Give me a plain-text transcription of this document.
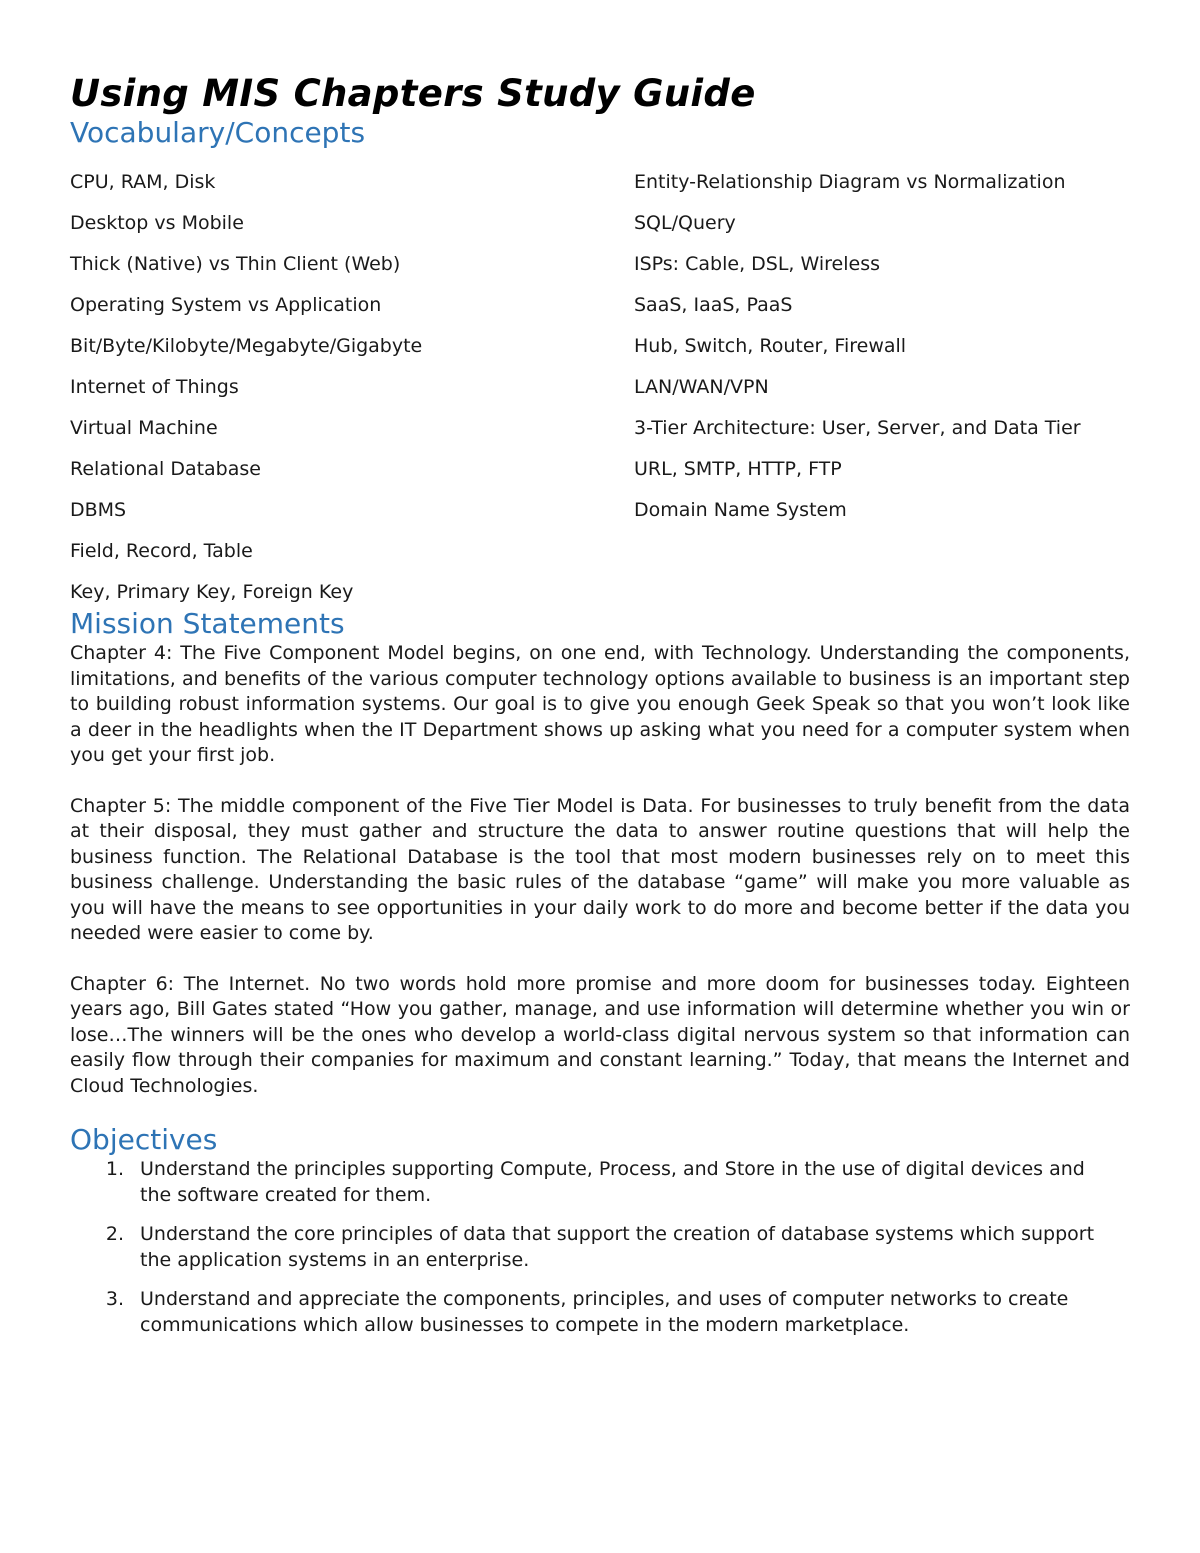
Using MIS Chapters Study Guide
Vocabulary/Concepts
CPU, RAM, Disk
Desktop vs Mobile
Thick (Native) vs Thin Client (Web)
Operating System vs Application
Bit/Byte/Kilobyte/Megabyte/Gigabyte
Internet of Things
Virtual Machine
Relational Database
DBMS
Field, Record, Table
Key, Primary Key, Foreign Key
Entity-Relationship Diagram vs Normalization
SQL/Query
ISPs: Cable, DSL, Wireless
SaaS, IaaS, PaaS
Hub, Switch, Router, Firewall
LAN/WAN/VPN
3-Tier Architecture: User, Server, and Data Tier
URL, SMTP, HTTP, FTP
Domain Name System
Mission Statements

Chapter 4: The Five Component Model begins, on one end, with Technology. Understanding the components, limitations, and benefits of the various computer technology options available to business is an important step to building robust information systems. Our goal is to give you enough Geek Speak so that you won’t look like a deer in the headlights when the IT Department shows up asking what you need for a computer system when you get your first job.

Chapter 5: The middle component of the Five Tier Model is Data. For businesses to truly benefit from the data at their disposal, they must gather and structure the data to answer routine questions that will help the business function. The Relational Database is the tool that most modern businesses rely on to meet this business challenge. Understanding the basic rules of the database “game” will make you more valuable as you will have the means to see opportunities in your daily work to do more and become better if the data you needed were easier to come by.

Chapter 6: The Internet. No two words hold more promise and more doom for businesses today. Eighteen years ago, Bill Gates stated “How you gather, manage, and use information will determine whether you win or lose…The winners will be the ones who develop a world-class digital nervous system so that information can easily flow through their companies for maximum and constant learning.” Today, that means the Internet and Cloud Technologies.

Objectives
1. Understand the principles supporting Compute, Process, and Store in the use of digital devices and the software created for them.
2. Understand the core principles of data that support the creation of database systems which support the application systems in an enterprise.
3. Understand and appreciate the components, principles, and uses of computer networks to create communications which allow businesses to compete in the modern marketplace.
